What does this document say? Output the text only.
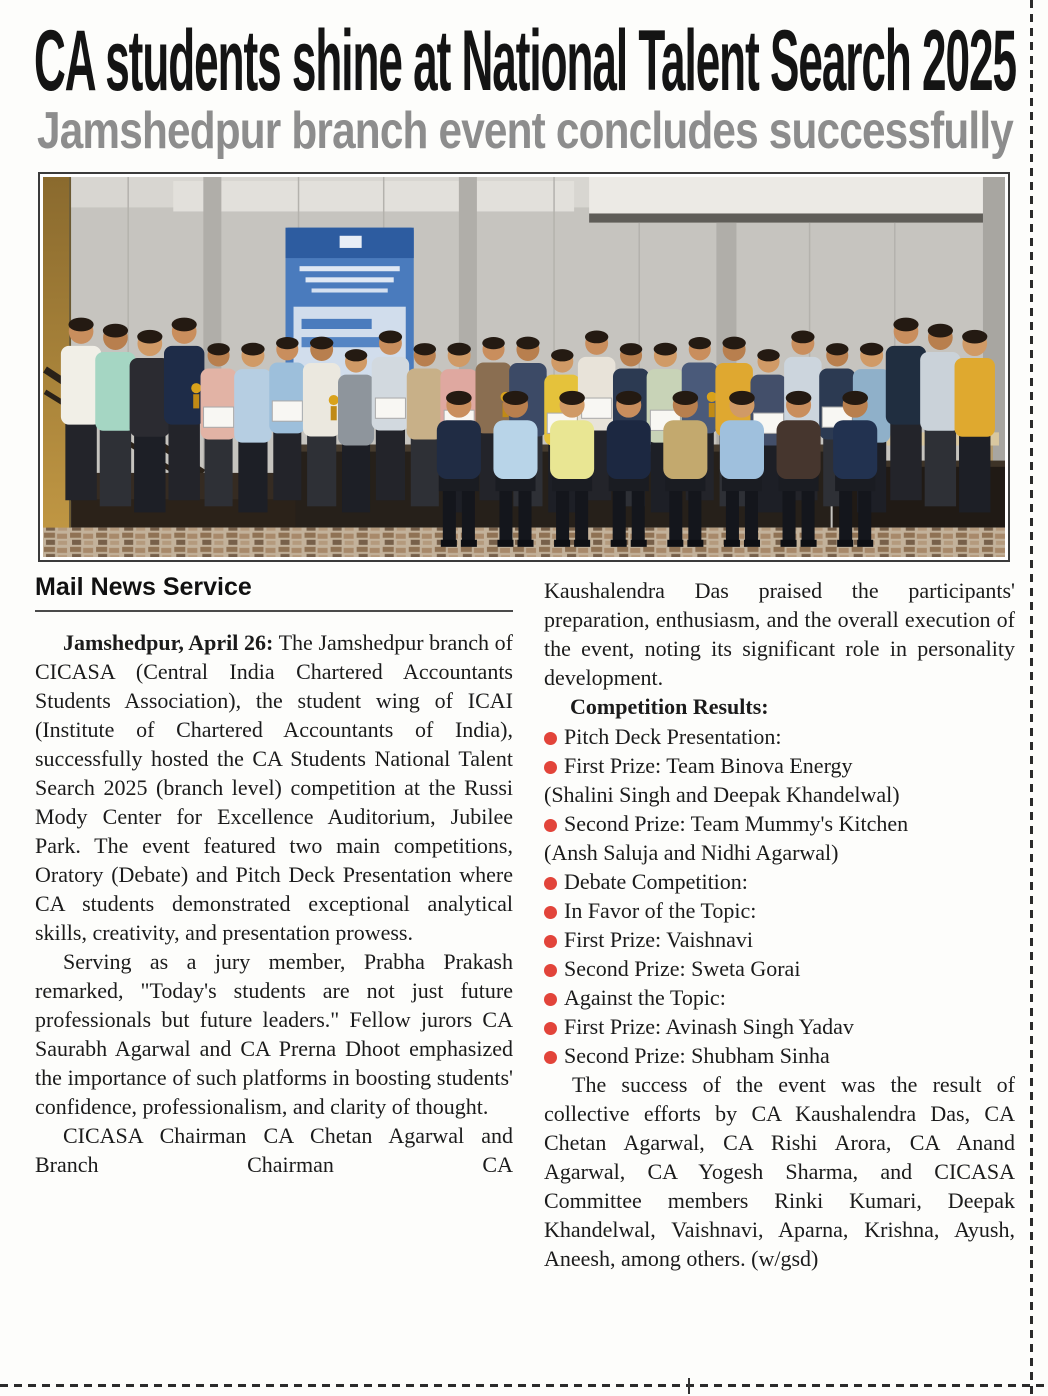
CA students shine at National Talent Search 2025
Jamshedpur branch event concludes successfully
Mail News Service

Jamshedpur, April 26: The Jamshedpur branch of CICASA (Central India Chartered Accountants Students Association), the student wing of ICAI (Institute of Chartered Accountants of India), successfully hosted the CA Students National Talent Search 2025 (branch level) competition at the Russi Mody Center for Excellence Auditorium, Jubilee Park. The event featured two main competitions, Oratory (Debate) and Pitch Deck Presentation where CA students demonstrated exceptional analytical skills, creativity, and presentation prowess.

Serving as a jury member, Prabha Prakash remarked, "Today's students are not just future professionals but future leaders." Fellow jurors CA Saurabh Agarwal and CA Prerna Dhoot emphasized the importance of such platforms in boosting students' confidence, professionalism, and clarity of thought.

CICASA Chairman CA Chetan Agarwal and Branch Chairman CA

Kaushalendra Das praised the participants' preparation, enthusiasm, and the overall execution of the event, noting its significant role in personality development.

Competition Results:

Pitch Deck Presentation:
First Prize: Team Binova Energy
(Shalini Singh and Deepak Khandelwal)
Second Prize: Team Mummy's Kitchen
(Ansh Saluja and Nidhi Agarwal)
Debate Competition:
In Favor of the Topic:
First Prize: Vaishnavi
Second Prize: Sweta Gorai
Against the Topic:
First Prize: Avinash Singh Yadav
Second Prize: Shubham Sinha

The success of the event was the result of collective efforts by CA Kaushalendra Das, CA Chetan Agarwal, CA Rishi Arora, CA Anand Agarwal, CA Yogesh Sharma, and CICASA Committee members Rinki Kumari, Deepak Khandelwal, Vaishnavi, Aparna, Krishna, Ayush, Aneesh, among others. (w/gsd)
